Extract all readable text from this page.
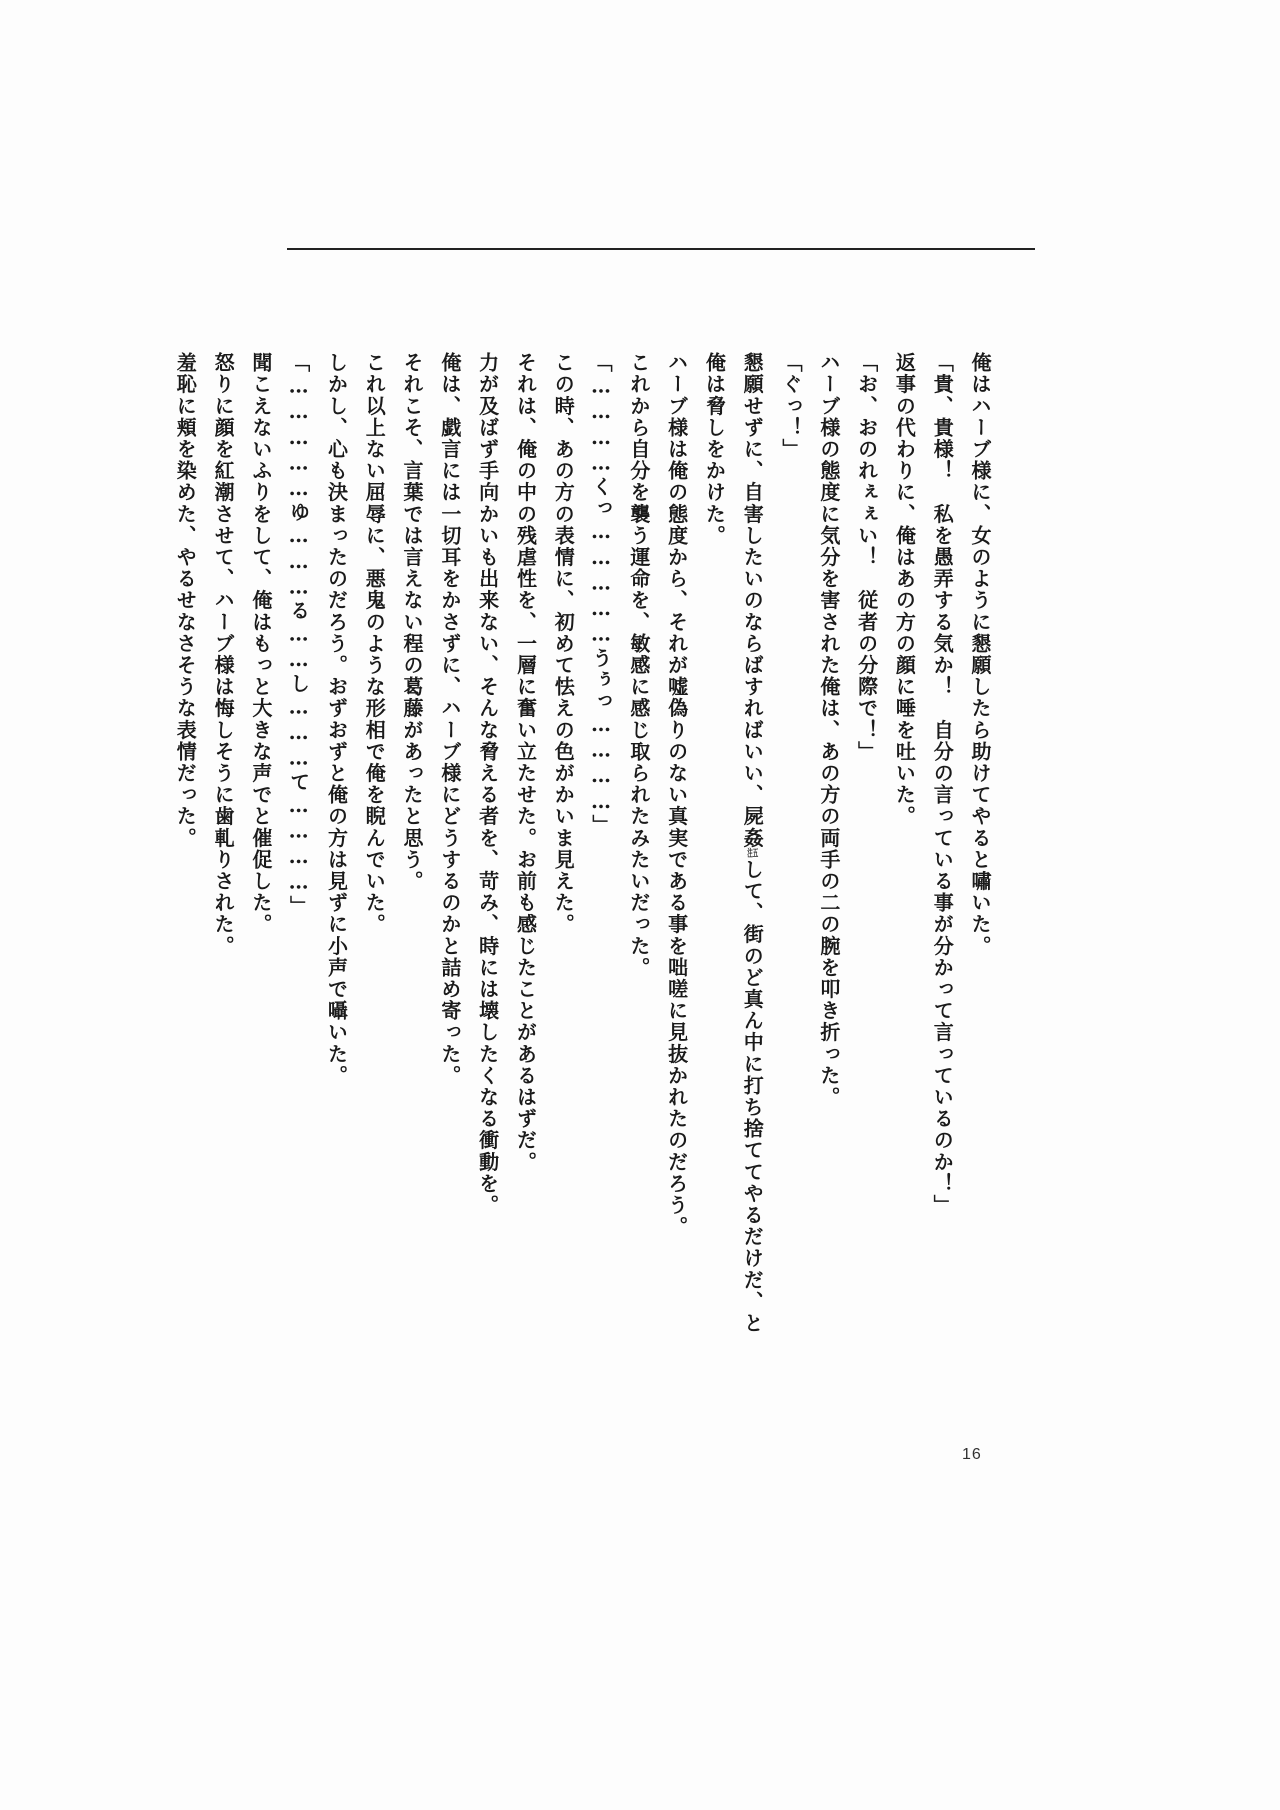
俺はハーブ様に、女のように懇願したら助けてやると嘯いた。
「貴、貴様！　私を愚弄する気か！　自分の言っている事が分かって言っているのか！」
返事の代わりに、俺はあの方の顔に唾を吐いた。
「お、おのれぇぇい！　従者の分際で！」
ハーブ様の態度に気分を害された俺は、あの方の両手の二の腕を叩き折った。
「ぐっ！」
懇願せずに、自害したいのならばすればいい、屍姦注五して、街のど真ん中に打ち捨ててやるだけだ、と
俺は脅しをかけた。
ハーブ様は俺の態度から、それが嘘偽りのない真実である事を咄嗟に見抜かれたのだろう。
これから自分を襲う運命を、敏感に感じ取られたみたいだった。
「…………くっ……………うぅっ…………」
この時、あの方の表情に、初めて怯えの色がかいま見えた。
それは、俺の中の残虐性を、一層に奮い立たせた。お前も感じたことがあるはずだ。
力が及ばず手向かいも出来ない、そんな脅える者を、苛み、時には壊したくなる衝動を。
俺は、戯言には一切耳をかさずに、ハーブ様にどうするのかと詰め寄った。
それこそ、言葉では言えない程の葛藤があったと思う。
これ以上ない屈辱に、悪鬼のような形相で俺を睨んでいた。
しかし、心も決まったのだろう。おずおずと俺の方は見ずに小声で囁いた。
「……………ゆ………る……し………て…………」
聞こえないふりをして、俺はもっと大きな声でと催促した。
怒りに顔を紅潮させて、ハーブ様は悔しそうに歯軋りされた。
羞恥に頬を染めた、やるせなさそうな表情だった。
16
